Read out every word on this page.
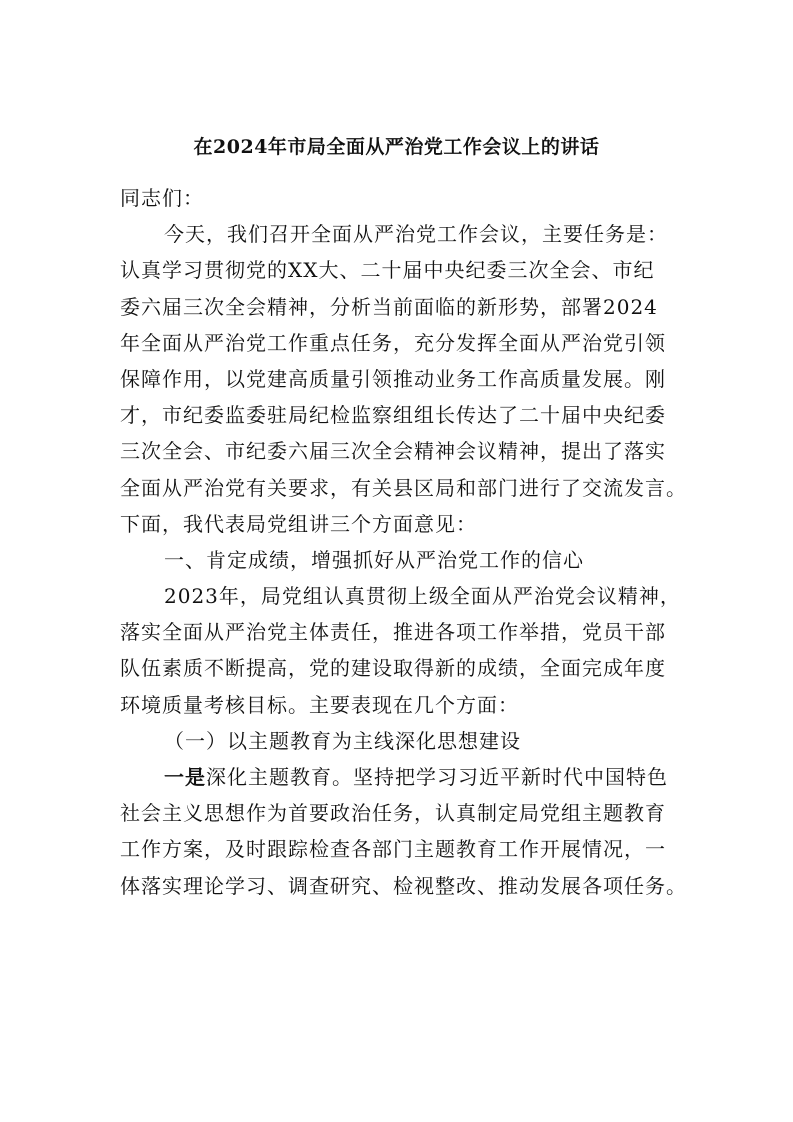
在2024年市局全面从严治党工作会议上的讲话
同志们：
今天，我们召开全面从严治党工作会议，主要任务是：
认真学习贯彻党的XX大、二十届中央纪委三次全会、市纪
委六届三次全会精神，分析当前面临的新形势，部署2024
年全面从严治党工作重点任务，充分发挥全面从严治党引领
保障作用，以党建高质量引领推动业务工作高质量发展。刚
才，市纪委监委驻局纪检监察组组长传达了二十届中央纪委
三次全会、市纪委六届三次全会精神会议精神，提出了落实
全面从严治党有关要求，有关县区局和部门进行了交流发言。
下面，我代表局党组讲三个方面意见：
一、肯定成绩，增强抓好从严治党工作的信心
2023年，局党组认真贯彻上级全面从严治党会议精神，
落实全面从严治党主体责任，推进各项工作举措，党员干部
队伍素质不断提高，党的建设取得新的成绩，全面完成年度
环境质量考核目标。主要表现在几个方面：
（一）以主题教育为主线深化思想建设
一是深化主题教育。坚持把学习习近平新时代中国特色
社会主义思想作为首要政治任务，认真制定局党组主题教育
工作方案，及时跟踪检查各部门主题教育工作开展情况，一
体落实理论学习、调查研究、检视整改、推动发展各项任务。
